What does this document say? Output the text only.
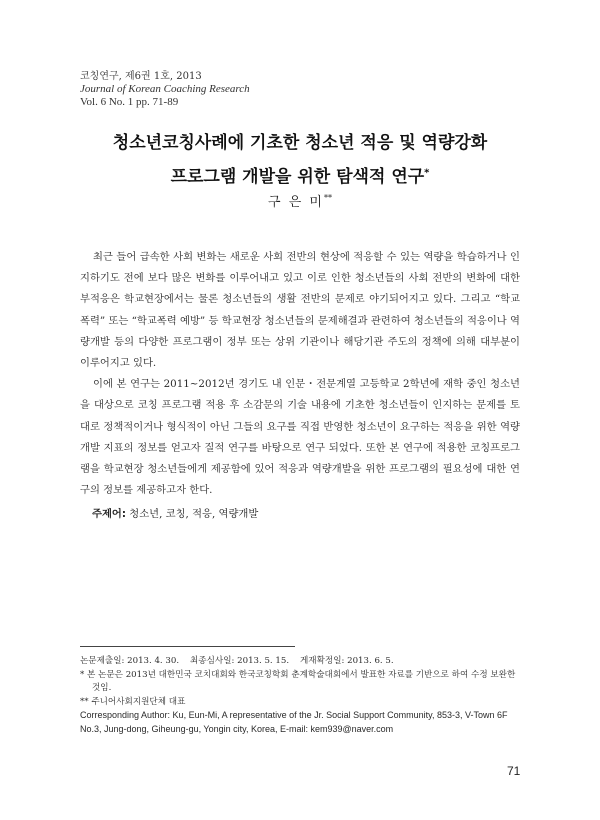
코칭연구, 제6권 1호, 2013
Journal of Korean Coaching Research
Vol. 6 No. 1 pp. 71-89
청소년코칭사례에 기초한 청소년 적응 및 역량강화
프로그램 개발을 위한 탐색적 연구*
구 은 미**

최근 들어 급속한 사회 변화는 새로운 사회 전반의 현상에 적응할 수 있는 역량을 학습하거나 인지하기도 전에 보다 많은 변화를 이루어내고 있고 이로 인한 청소년들의 사회 전반의 변화에 대한 부적응은 학교현장에서는 물론 청소년들의 생활 전반의 문제로 야기되어지고 있다. 그리고 “학교 폭력” 또는 “학교폭력 예방” 등 학교현장 청소년들의 문제해결과 관련하여 청소년들의 적응이나 역량개발 등의 다양한 프로그램이 정부 또는 상위 기관이나 해당기관 주도의 정책에 의해 대부분이 이루어지고 있다.

이에 본 연구는 2011~2012년 경기도 내 인문・전문계열 고등학교 2학년에 재학 중인 청소년을 대상으로 코칭 프로그램 적용 후 소감문의 기술 내용에 기초한 청소년들이 인지하는 문제를 토대로 정책적이거나 형식적이 아닌 그들의 요구를 직접 반영한 청소년이 요구하는 적응을 위한 역량 개발 지표의 정보를 얻고자 질적 연구를 바탕으로 연구 되었다. 또한 본 연구에 적용한 코칭프로그램을 학교현장 청소년들에게 제공함에 있어 적응과 역량개발을 위한 프로그램의 필요성에 대한 연구의 정보를 제공하고자 한다.

주제어: 청소년, 코칭, 적응, 역량개발
논문제출일: 2013. 4. 30.    최종심사일: 2013. 5. 15.    게재확정일: 2013. 6. 5.
* 본 논문은 2013년 대한민국 코치대회와 한국코칭학회 춘계학술대회에서 발표한 자료를 기반으로 하여 수정 보완한 것임.
** 주니어사회지원단체 대표
Corresponding Author: Ku, Eun-Mi, A representative of the Jr. Social Support Community, 853-3, V-Town 6F No.3, Jung-dong, Giheung-gu, Yongin city, Korea, E-mail: kem939@naver.com
71
